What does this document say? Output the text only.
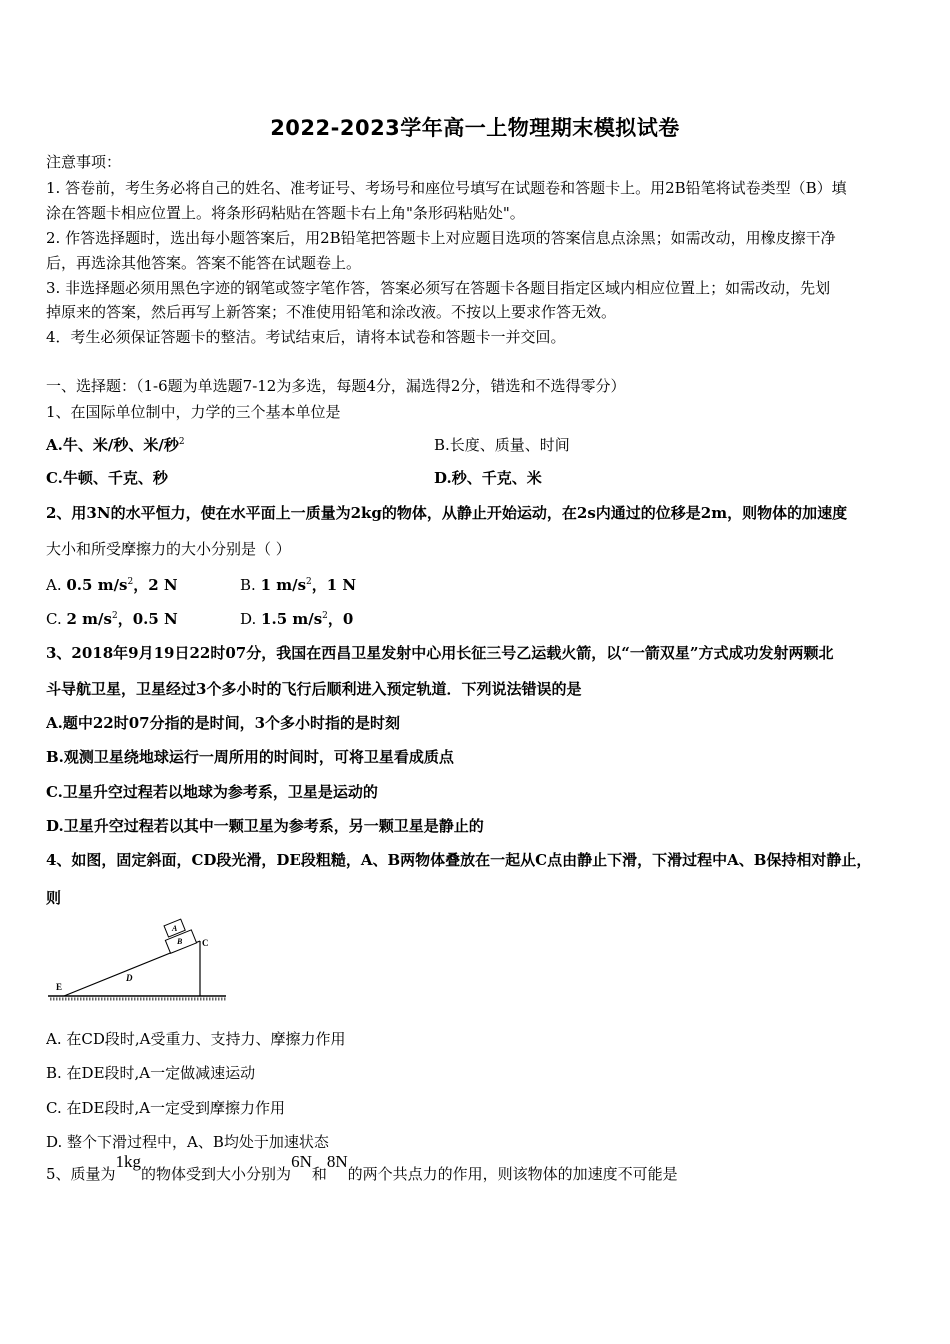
2022-2023学年高一上物理期末模拟试卷
注意事项：
1. 答卷前，考生务必将自己的姓名、准考证号、考场号和座位号填写在试题卷和答题卡上。用2B铅笔将试卷类型（B）填
涂在答题卡相应位置上。将条形码粘贴在答题卡右上角"条形码粘贴处"。
2. 作答选择题时，选出每小题答案后，用2B铅笔把答题卡上对应题目选项的答案信息点涂黑；如需改动，用橡皮擦干净
后，再选涂其他答案。答案不能答在试题卷上。
3. 非选择题必须用黑色字迹的钢笔或签字笔作答，答案必须写在答题卡各题目指定区域内相应位置上；如需改动，先划
掉原来的答案，然后再写上新答案；不准使用铅笔和涂改液。不按以上要求作答无效。
4．考生必须保证答题卡的整洁。考试结束后，请将本试卷和答题卡一并交回。
一、选择题：（1-6题为单选题7-12为多选，每题4分，漏选得2分，错选和不选得零分）
1、在国际单位制中，力学的三个基本单位是
A.牛、米/秒、米/秒$^2$	B.长度、质量、时间
C.牛顿、千克、秒	D.秒、千克、米
2、用3N的水平恒力，使在水平面上一质量为2kg的物体，从静止开始运动，在2s内通过的位移是2m，则物体的加速度
大小和所受摩擦力的大小分别是（ ）
A. 0.5 $m/s^2$，2 N	B. 1 $m/s^2$，1 N
C. 2 $m/s^2$，0.5 N	D. 1.5 $m/s^2$，0
3、2018年9月19日22时07分，我国在西昌卫星发射中心用长征三号乙运载火箭，以“一箭双星”方式成功发射两颗北
斗导航卫星，卫星经过3个多小时的飞行后顺利进入预定轨道．下列说法错误的是
A.题中22时07分指的是时间，3个多小时指的是时刻
B.观测卫星绕地球运行一周所用的时间时，可将卫星看成质点
C.卫星升空过程若以地球为参考系，卫星是运动的
D.卫星升空过程若以其中一颗卫星为参考系，另一颗卫星是静止的
4、如图，固定斜面，CD段光滑，DE段粗糙，A、B两物体叠放在一起从C点由静止下滑，下滑过程中A、B保持相对静止，
则
A
B C
D
E
A. 在CD段时,A受重力、支持力、摩擦力作用
B. 在DE段时,A一定做减速运动
C. 在DE段时,A一定受到摩擦力作用
D. 整个下滑过程中，A、B均处于加速状态
5、质量为1kg的物体受到大小分别为6N和8N的两个共点力的作用，则该物体的加速度不可能是
